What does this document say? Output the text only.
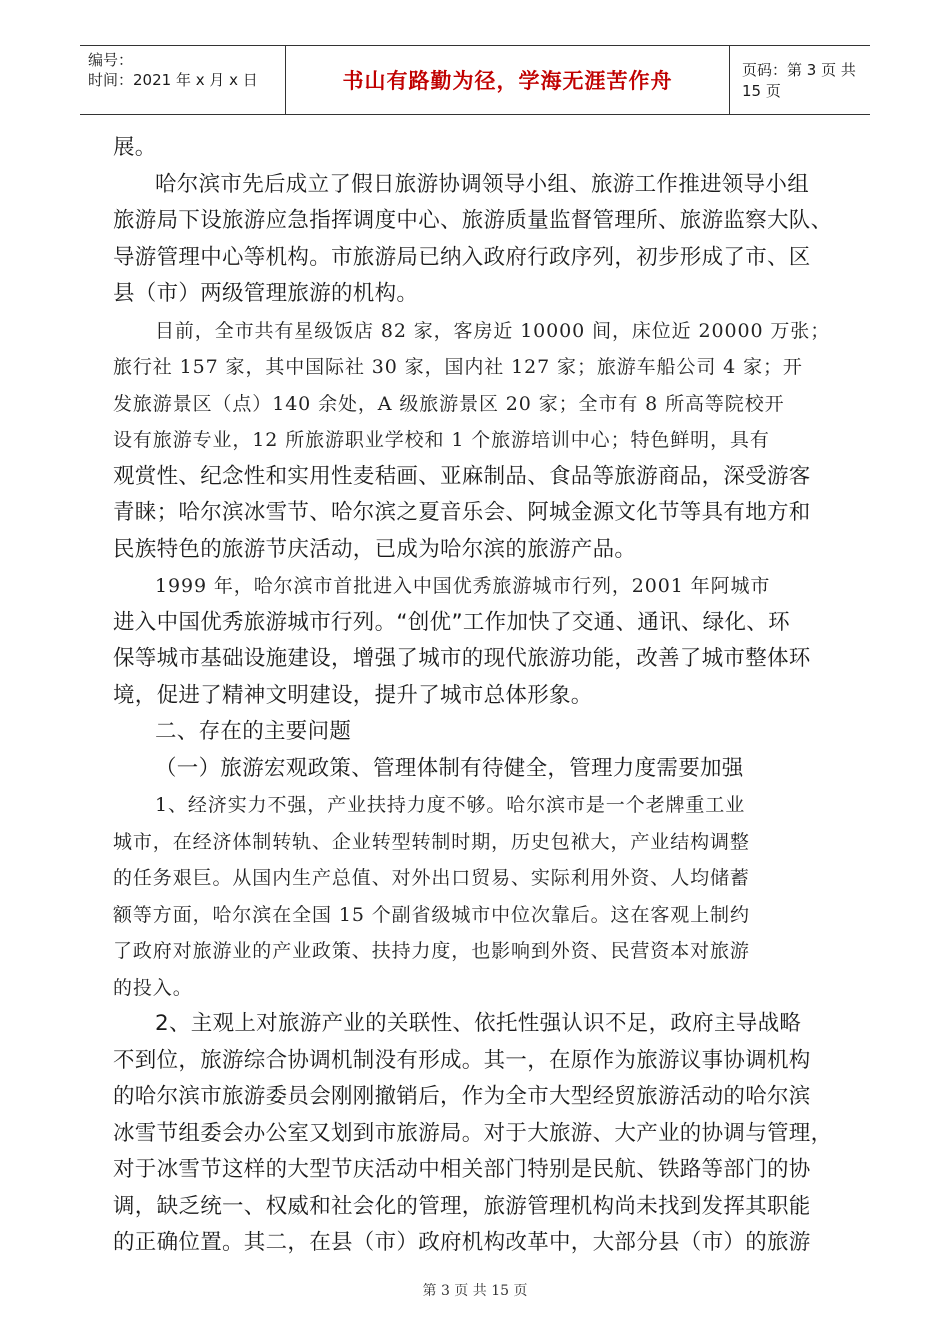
编号：
时间：2021 年 x 月 x 日	书山有路勤为径，学海无涯苦作舟	页码：第 3 页 共 15 页

展。

哈尔滨市先后成立了假日旅游协调领导小组、旅游工作推进领导小组

旅游局下设旅游应急指挥调度中心、旅游质量监督管理所、旅游监察大队、

导游管理中心等机构。市旅游局已纳入政府行政序列，初步形成了市、区

县（市）两级管理旅游的机构。

目前，全市共有星级饭店 82 家，客房近 10000 间，床位近 20000 万张；

旅行社 157 家，其中国际社 30 家，国内社 127 家；旅游车船公司 4 家；开

发旅游景区（点）140 余处，A 级旅游景区 20 家；全市有 8 所高等院校开

设有旅游专业，12 所旅游职业学校和 1 个旅游培训中心；特色鲜明，具有

观赏性、纪念性和实用性麦秸画、亚麻制品、食品等旅游商品，深受游客

青睐；哈尔滨冰雪节、哈尔滨之夏音乐会、阿城金源文化节等具有地方和

民族特色的旅游节庆活动，已成为哈尔滨的旅游产品。

1999 年，哈尔滨市首批进入中国优秀旅游城市行列，2001 年阿城市

进入中国优秀旅游城市行列。“创优”工作加快了交通、通讯、绿化、环

保等城市基础设施建设，增强了城市的现代旅游功能，改善了城市整体环

境，促进了精神文明建设，提升了城市总体形象。

二、存在的主要问题

（一）旅游宏观政策、管理体制有待健全，管理力度需要加强

1、经济实力不强，产业扶持力度不够。哈尔滨市是一个老牌重工业

城市，在经济体制转轨、企业转型转制时期，历史包袱大，产业结构调整

的任务艰巨。从国内生产总值、对外出口贸易、实际利用外资、人均储蓄

额等方面，哈尔滨在全国 15 个副省级城市中位次靠后。这在客观上制约

了政府对旅游业的产业政策、扶持力度，也影响到外资、民营资本对旅游

的投入。

2、主观上对旅游产业的关联性、依托性强认识不足，政府主导战略

不到位，旅游综合协调机制没有形成。其一，在原作为旅游议事协调机构

的哈尔滨市旅游委员会刚刚撤销后，作为全市大型经贸旅游活动的哈尔滨

冰雪节组委会办公室又划到市旅游局。对于大旅游、大产业的协调与管理，

对于冰雪节这样的大型节庆活动中相关部门特别是民航、铁路等部门的协

调，缺乏统一、权威和社会化的管理，旅游管理机构尚未找到发挥其职能

的正确位置。其二，在县（市）政府机构改革中，大部分县（市）的旅游

第 3 页 共 15 页
